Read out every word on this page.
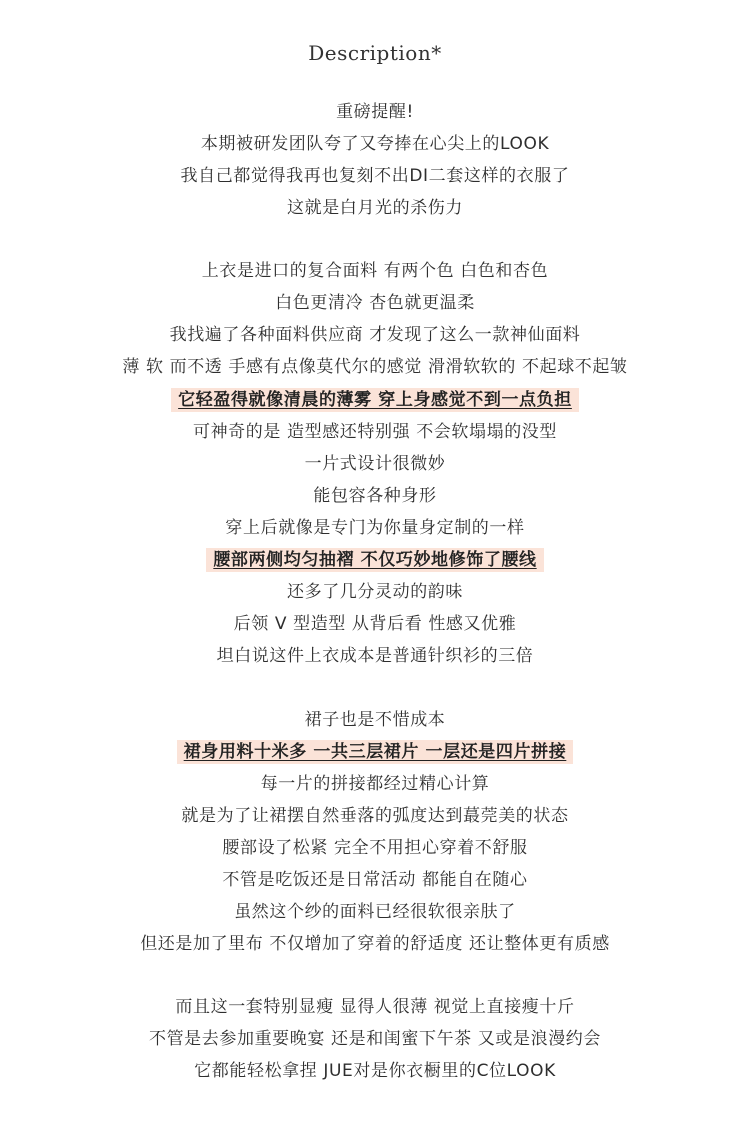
Description*
重磅提醒!
本期被研发团队夸了又夸捧在心尖上的LOOK
我自己都觉得我再也复刻不出DI二套这样的衣服了
这就是白月光的杀伤力
上衣是进口的复合面料 有两个色 白色和杏色
白色更清冷 杏色就更温柔
我找遍了各种面料供应商 才发现了这么一款神仙面料
薄 软 而不透 手感有点像莫代尔的感觉 滑滑软软的 不起球不起皱
它轻盈得就像清晨的薄雾 穿上身感觉不到一点负担
可神奇的是 造型感还特别强 不会软塌塌的没型
一片式设计很微妙
能包容各种身形
穿上后就像是专门为你量身定制的一样
腰部两侧均匀抽褶 不仅巧妙地修饰了腰线
还多了几分灵动的韵味
后领 V 型造型 从背后看 性感又优雅
坦白说这件上衣成本是普通针织衫的三倍
裙子也是不惜成本
裙身用料十米多 一共三层裙片 一层还是四片拼接
每一片的拼接都经过精心计算
就是为了让裙摆自然垂落的弧度达到蕞莞美的状态
腰部设了松紧 完全不用担心穿着不舒服
不管是吃饭还是日常活动 都能自在随心
虽然这个纱的面料已经很软很亲肤了
但还是加了里布 不仅增加了穿着的舒适度 还让整体更有质感
而且这一套特别显瘦 显得人很薄 视觉上直接瘦十斤
不管是去参加重要晚宴 还是和闺蜜下午茶 又或是浪漫约会
它都能轻松拿捏 JUE对是你衣橱里的C位LOOK
